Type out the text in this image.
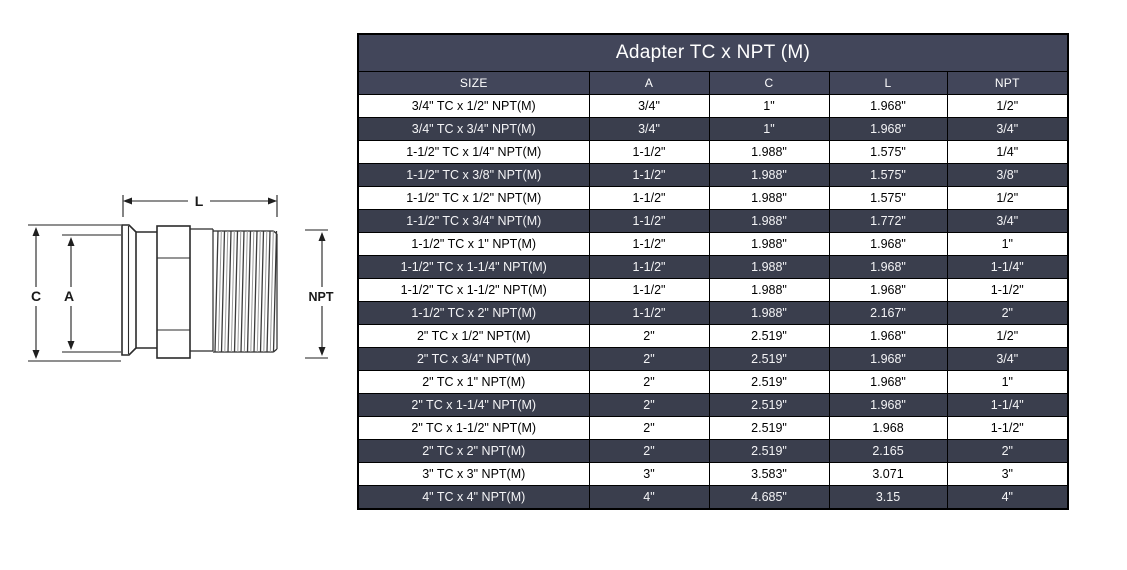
L
C A	NPT
Adapter TC x NPT (M)				
SIZE	A	C	L	NPT
3/4" TC x 1/2" NPT(M)	3/4"	1"	1.968"	1/2"
3/4" TC x 3/4" NPT(M)	3/4"	1"	1.968"	3/4"
1-1/2" TC x 1/4" NPT(M)	1-1/2"	1.988"	1.575"	1/4"
1-1/2" TC x 3/8" NPT(M)	1-1/2"	1.988"	1.575"	3/8"
1-1/2" TC x 1/2" NPT(M)	1-1/2"	1.988"	1.575"	1/2"
1-1/2" TC x 3/4" NPT(M)	1-1/2"	1.988"	1.772"	3/4"
1-1/2" TC x 1" NPT(M)	1-1/2"	1.988"	1.968"	1"
1-1/2" TC x 1-1/4" NPT(M)	1-1/2"	1.988"	1.968"	1-1/4"
1-1/2" TC x 1-1/2" NPT(M)	1-1/2"	1.988"	1.968"	1-1/2"
1-1/2" TC x 2" NPT(M)	1-1/2"	1.988"	2.167"	2"
2" TC x 1/2" NPT(M)	2"	2.519"	1.968"	1/2"
2" TC x 3/4" NPT(M)	2"	2.519"	1.968"	3/4"
2" TC x 1" NPT(M)	2"	2.519"	1.968"	1"
2" TC x 1-1/4" NPT(M)	2"	2.519"	1.968"	1-1/4"
2" TC x 1-1/2" NPT(M)	2"	2.519"	1.968	1-1/2"
2" TC x 2" NPT(M)	2"	2.519"	2.165	2"
3" TC x 3" NPT(M)	3"	3.583"	3.071	3"
4" TC x 4" NPT(M)	4"	4.685"	3.15	4"
